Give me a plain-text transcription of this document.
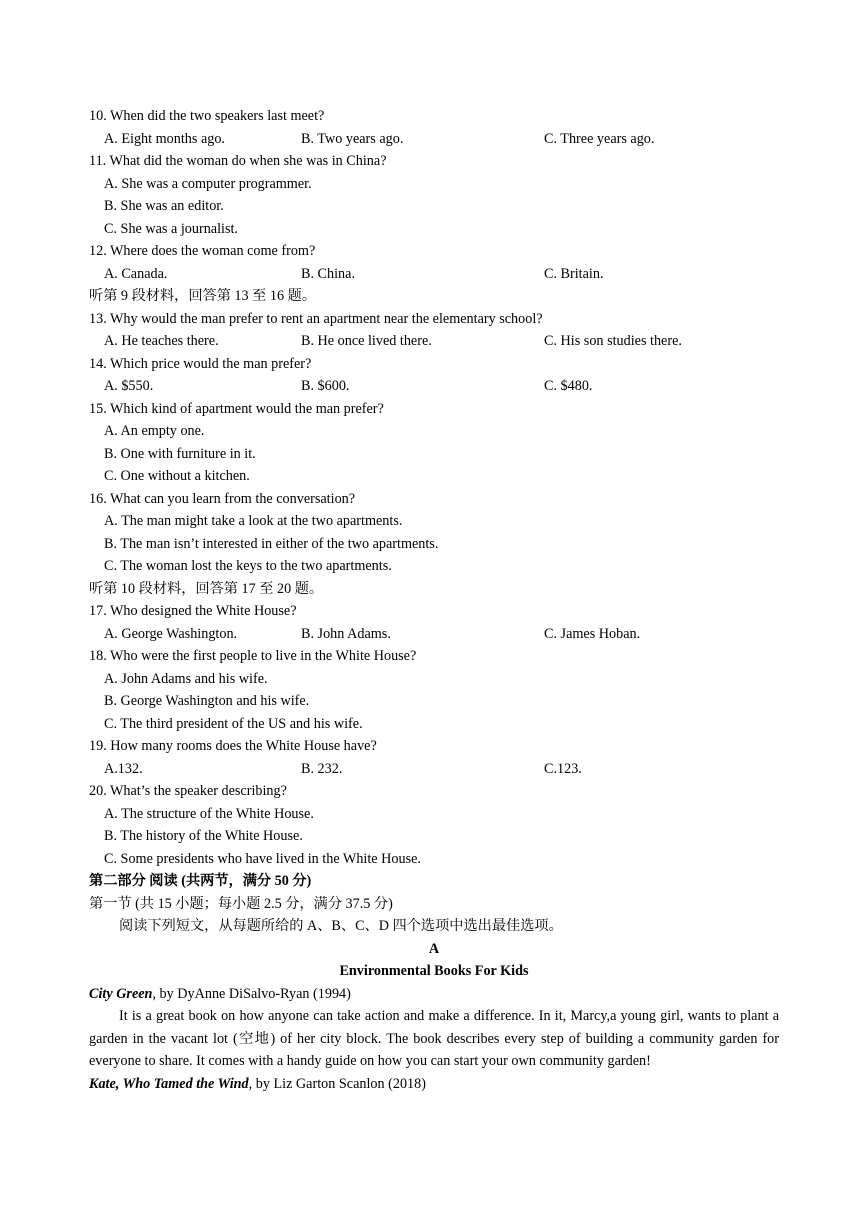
10. When did the two speakers last meet?
A. Eight months ago.	B. Two years ago.	C. Three years ago.
11. What did the woman do when she was in China?
A. She was a computer programmer.
B. She was an editor.
C. She was a journalist.
12. Where does the woman come from?
A. Canada.	B. China.	C. Britain.
听第 9 段材料，回答第 13 至 16 题。
13. Why would the man prefer to rent an apartment near the elementary school?
A. He teaches there.	B. He once lived there.	C. His son studies there.
14. Which price would the man prefer?
A. $550.	B. $600.	C. $480.
15. Which kind of apartment would the man prefer?
A. An empty one.
B. One with furniture in it.
C. One without a kitchen.
16. What can you learn from the conversation?
A. The man might take a look at the two apartments.
B. The man isn’t interested in either of the two apartments.
C. The woman lost the keys to the two apartments.
听第 10 段材料，回答第 17 至 20 题。
17. Who designed the White House?
A. George Washington.	B. John Adams.	C. James Hoban.
18. Who were the first people to live in the White House?
A. John Adams and his wife.
B. George Washington and his wife.
C. The third president of the US and his wife.
19. How many rooms does the White House have?
A.132.	B. 232.	C.123.
20. What’s the speaker describing?
A. The structure of the White House.
B. The history of the White House.
C. Some presidents who have lived in the White House.
第二部分 阅读 (共两节，满分 50 分)
第一节 (共 15 小题；每小题 2.5 分，满分 37.5 分)
阅读下列短文，从每题所给的 A、B、C、D 四个选项中选出最佳选项。
A
Environmental Books For Kids
City Green, by DyAnne DiSalvo-Ryan (1994)
It is a great book on how anyone can take action and make a difference. In it, Marcy,a young girl, wants to plant a garden in the vacant lot (空地) of her city block. The book describes every step of building a community garden for everyone to share. It comes with a handy guide on how you can start your own community garden!
Kate, Who Tamed the Wind, by Liz Garton Scanlon (2018)
